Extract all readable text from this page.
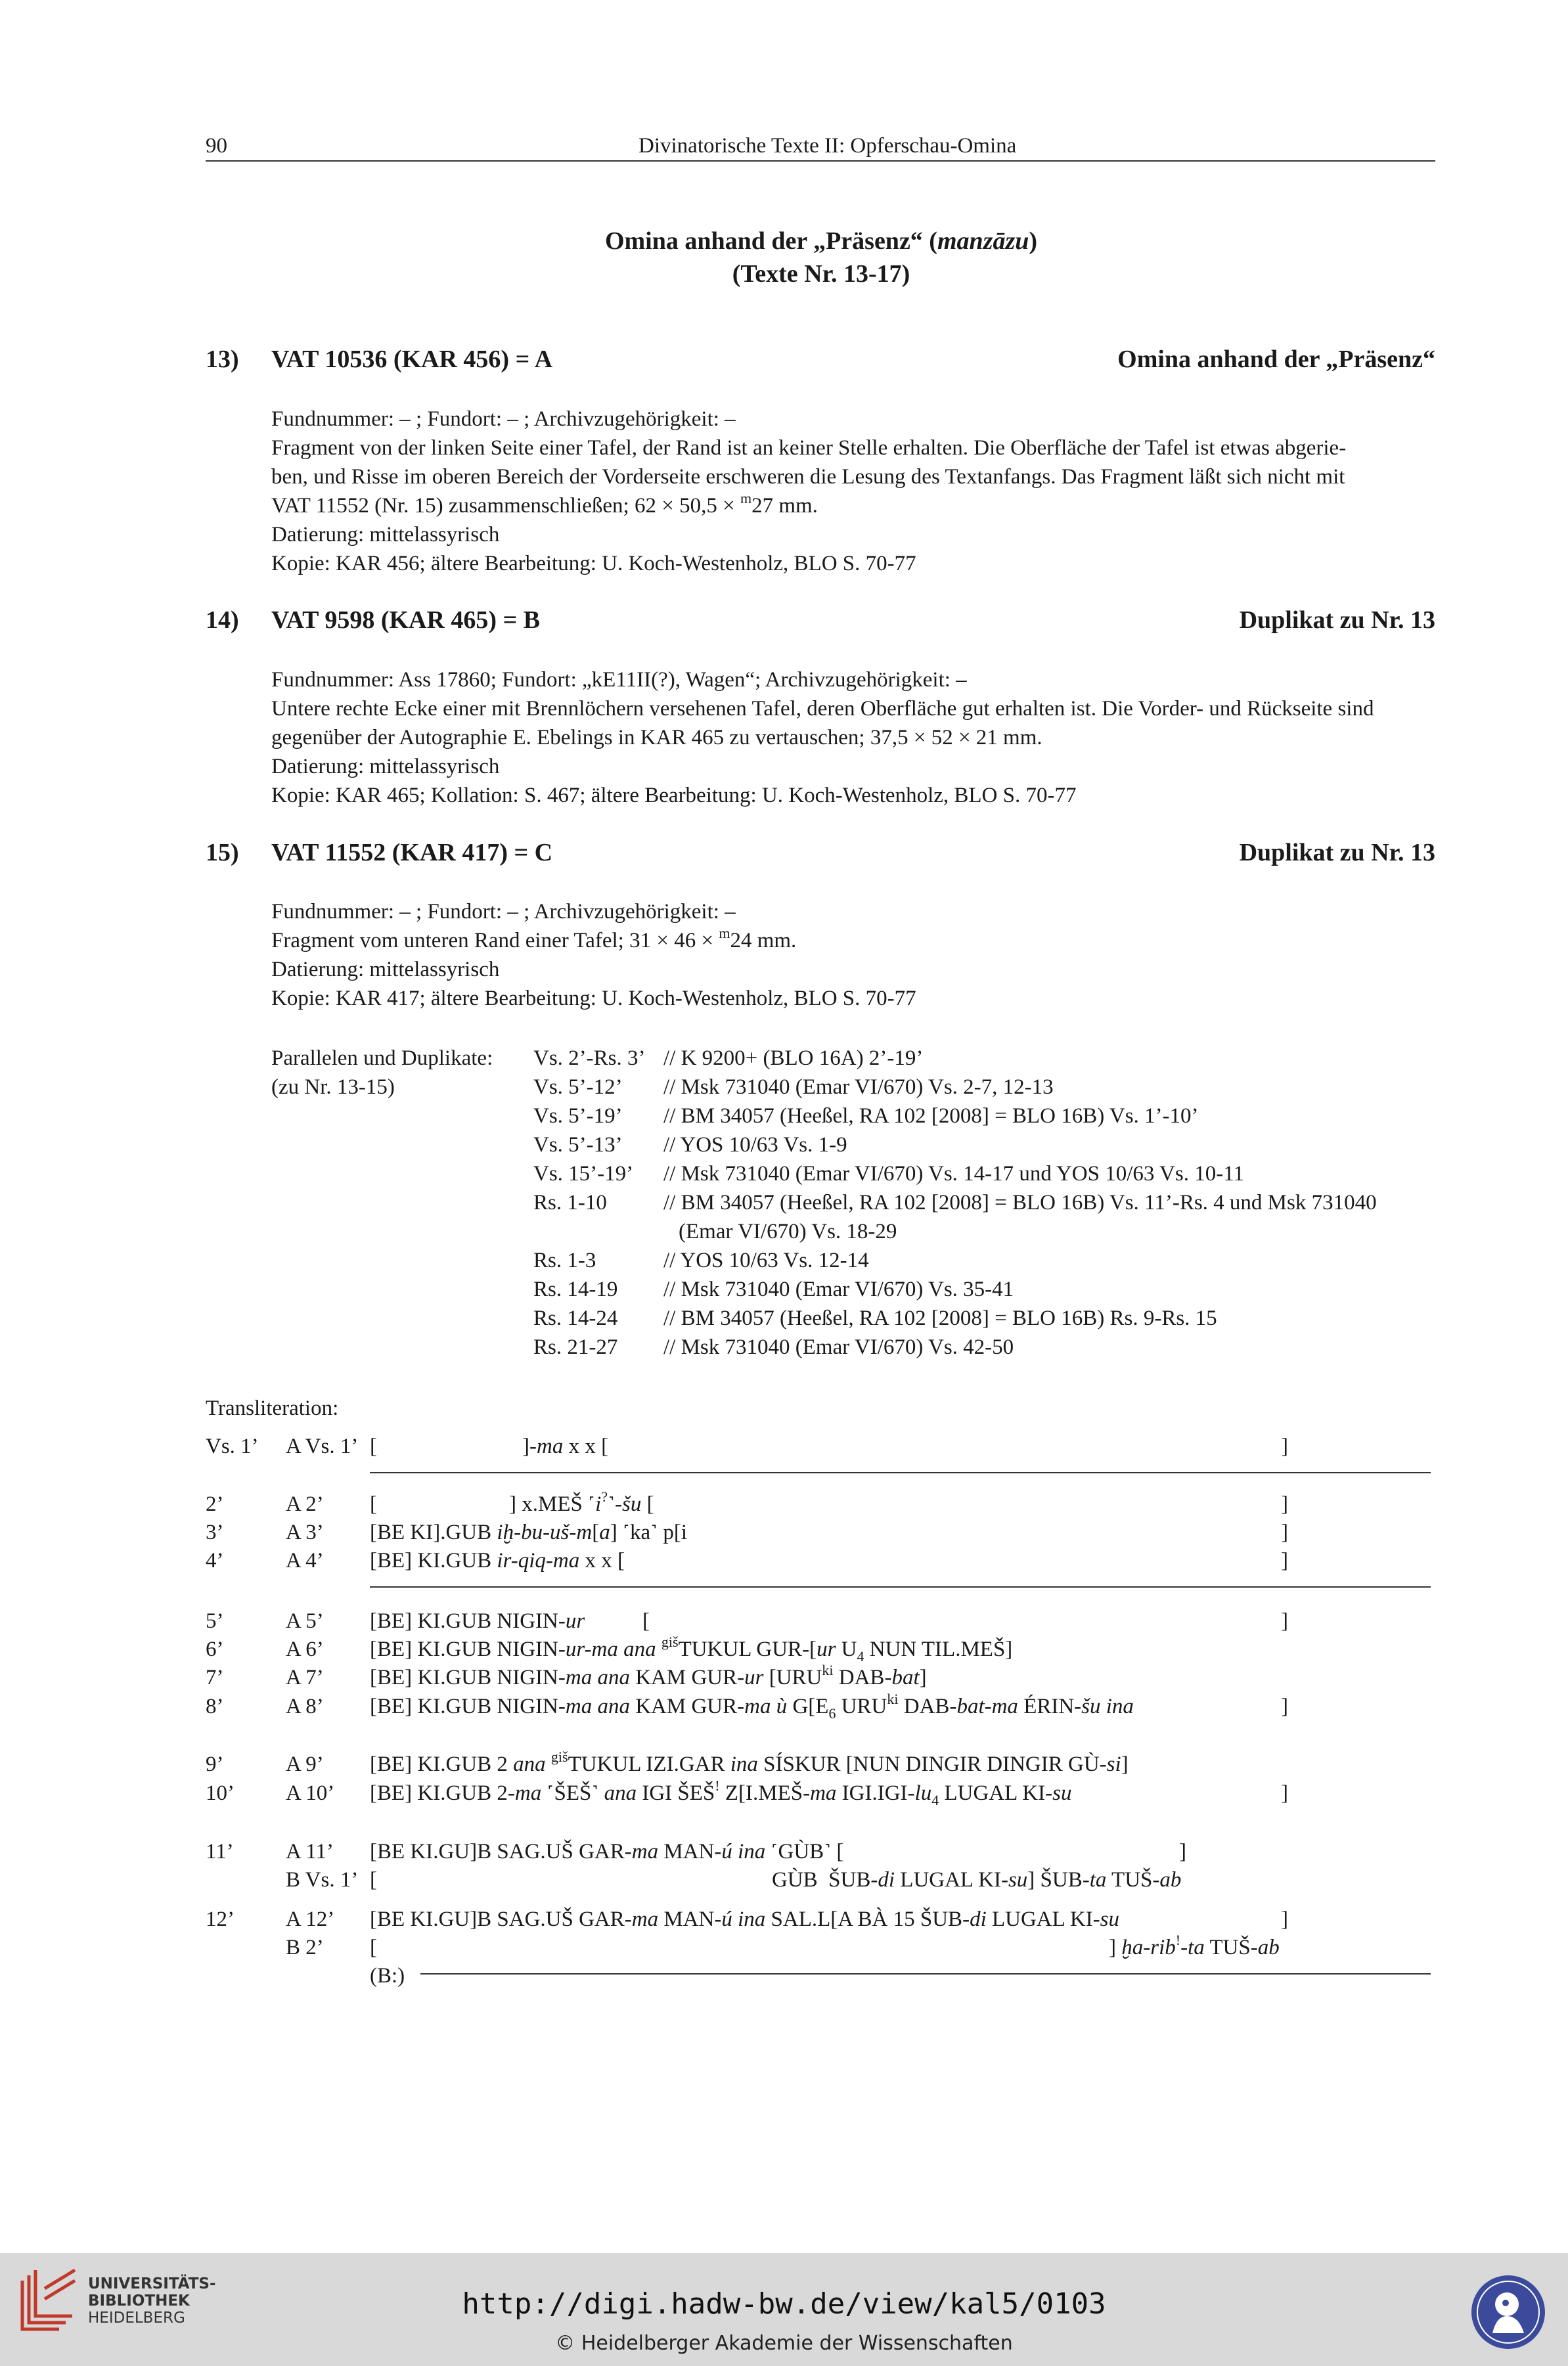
90	Divinatorische Texte II: Opferschau-Omina
Omina anhand der „Präsenz“ (manzāzu)
(Texte Nr. 13-17)
13) VAT 10536 (KAR 456) = A	Omina anhand der „Präsenz“
Fundnummer: – ; Fundort: – ; Archivzugehörigkeit: –
Fragment von der linken Seite einer Tafel, der Rand ist an keiner Stelle erhalten. Die Oberfläche der Tafel ist etwas abgerie-
ben, und Risse im oberen Bereich der Vorderseite erschweren die Lesung des Textanfangs. Das Fragment läßt sich nicht mit
VAT 11552 (Nr. 15) zusammenschließen; 62 × 50,5 × $^m$27 mm.
Datierung: mittelassyrisch
Kopie: KAR 456; ältere Bearbeitung: U. Koch-Westenholz, BLO S. 70-77
14) VAT 9598 (KAR 465) = B	Duplikat zu Nr. 13
Fundnummer: Ass 17860; Fundort: „kE11II(?), Wagen“; Archivzugehörigkeit: –
Untere rechte Ecke einer mit Brennlöchern versehenen Tafel, deren Oberfläche gut erhalten ist. Die Vorder- und Rückseite sind
gegenüber der Autographie E. Ebelings in KAR 465 zu vertauschen; 37,5 × 52 × 21 mm.
Datierung: mittelassyrisch
Kopie: KAR 465; Kollation: S. 467; ältere Bearbeitung: U. Koch-Westenholz, BLO S. 70-77
15) VAT 11552 (KAR 417) = C	Duplikat zu Nr. 13
Fundnummer: – ; Fundort: – ; Archivzugehörigkeit: –
Fragment vom unteren Rand einer Tafel; 31 × 46 × $^m$24 mm.
Datierung: mittelassyrisch
Kopie: KAR 417; ältere Bearbeitung: U. Koch-Westenholz, BLO S. 70-77
Parallelen und Duplikate:
(zu Nr. 13-15)
Vs. 2’-Rs. 3’ // K 9200+ (BLO 16A) 2’-19’
Vs. 5’-12’ // Msk 731040 (Emar VI/670) Vs. 2-7, 12-13
Vs. 5’-19’ // BM 34057 (Heeßel, RA 102 [2008] = BLO 16B) Vs. 1’-10’
Vs. 5’-13’ // YOS 10/63 Vs. 1-9
Vs. 15’-19’ // Msk 731040 (Emar VI/670) Vs. 14-17 und YOS 10/63 Vs. 10-11
Rs. 1-10	// BM 34057 (Heeßel, RA 102 [2008] = BLO 16B) Vs. 11’-Rs. 4 und Msk 731040
(Emar VI/670) Vs. 18-29
Rs. 1-3	// YOS 10/63 Vs. 12-14
Rs. 14-19 // Msk 731040 (Emar VI/670) Vs. 35-41
Rs. 14-24 // BM 34057 (Heeßel, RA 102 [2008] = BLO 16B) Rs. 9-Rs. 15
Rs. 21-27 // Msk 731040 (Emar VI/670) Vs. 42-50
Transliteration:
Vs. 1’ A Vs. 1’ [	]-ma x x [	]
2’	A 2’ [	] x.MEŠ ˹i?˺-šu [	]
3’	A 3’ [BE KI].GUB iḫ-bu-uš-m[a] ˹ka˺ p[i	]
4’	A 4’ [BE] KI.GUB ir-qiq-ma x x [	]
5’	A 5’ [BE] KI.GUB NIGIN-ur	[	]
6’	A 6’ [BE] KI.GUB NIGIN-ur-ma ana $^{giš}$TUKUL GUR-[ur $U_4$ NUN TIL.MEŠ]
7’	A 7’ [BE] KI.GUB NIGIN-ma ana KAM GUR-ur [$URU^{ki}$ DAB-bat]
8’	A 8’ [BE] KI.GUB NIGIN-ma ana KAM GUR-ma ù $G[E_6$ $URU^{ki}$ DAB-bat-ma ÉRIN-šu ina	]
9’	A 9’ [BE] KI.GUB 2 ana $^{giš}$TUKUL IZI.GAR ina SÍSKUR [NUN DINGIR DINGIR GÙ-si]
10’ A 10’ [BE] KI.GUB 2-ma ˹ŠEŠ˺ ana IGI ŠEŠ! Z[I.MEŠ-ma $IGI.IGI-lu_4$ LUGAL KI-su	]
11’ A 11’ [BE KI.GU]B SAG.UŠ GAR-ma MAN-ú ina ˹GÙB˺ [	]
B Vs. 1’ [	GÙB  ŠUB-di LUGAL KI-su] ŠUB-ta TUŠ-ab
12’ A 12’ [BE KI.GU]B SAG.UŠ GAR-ma MAN-ú ina SAL.L[A BÀ 15 ŠUB-di LUGAL KI-su	]
B 2’ [	] ḫa-rib!-ta TUŠ-ab
(B:)
UNIVERSITÄTS-
BIBLIOTHEK
HEIDELBERG	http://digi.hadw-bw.de/view/kal5/0103
© Heidelberger Akademie der Wissenschaften
